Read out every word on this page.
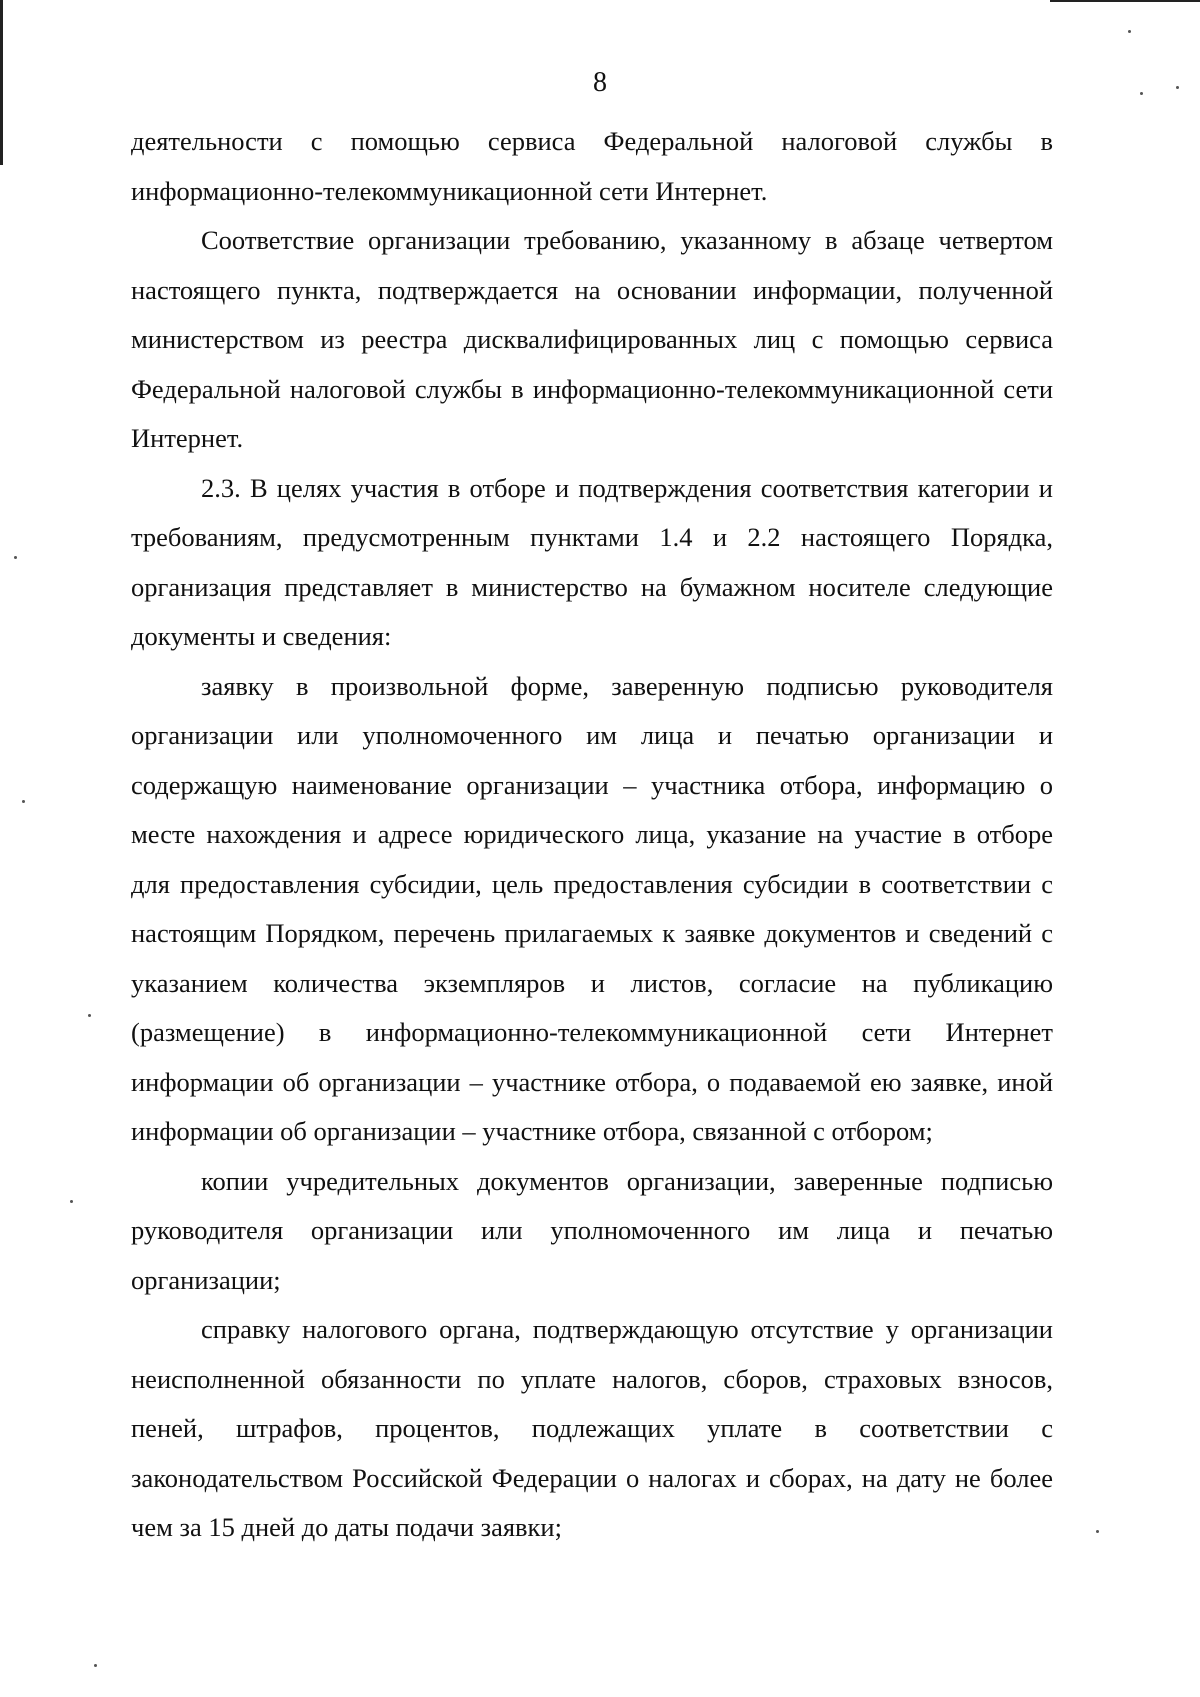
8

деятельности с помощью сервиса Федеральной налоговой службы в информационно-телекоммуникационной сети Интернет.

Соответствие организации требованию, указанному в абзаце четвертом настоящего пункта, подтверждается на основании информации, полученной министерством из реестра дисквалифицированных лиц с помощью сервиса Федеральной налоговой службы в информационно-телекоммуникационной сети Интернет.

2.3. В целях участия в отборе и подтверждения соответствия категории и требованиям, предусмотренным пунктами 1.4 и 2.2 настоящего Порядка, организация представляет в министерство на бумажном носителе следующие документы и сведения:

заявку в произвольной форме, заверенную подписью руководителя организации или уполномоченного им лица и печатью организации и содержащую наименование организации – участника отбора, информацию о месте нахождения и адресе юридического лица, указание на участие в отборе для предоставления субсидии, цель предоставления субсидии в соответствии с настоящим Порядком, перечень прилагаемых к заявке документов и сведений с указанием количества экземпляров и листов, согласие на публикацию (размещение) в информационно-телекоммуникационной сети Интернет информации об организации – участнике отбора, о подаваемой ею заявке, иной информации об организации – участнике отбора, связанной с отбором;

копии учредительных документов организации, заверенные подписью руководителя организации или уполномоченного им лица и печатью организации;

справку налогового органа, подтверждающую отсутствие у организации неисполненной обязанности по уплате налогов, сборов, страховых взносов, пеней, штрафов, процентов, подлежащих уплате в соответствии с законодательством Российской Федерации о налогах и сборах, на дату не более чем за 15 дней до даты подачи заявки;
